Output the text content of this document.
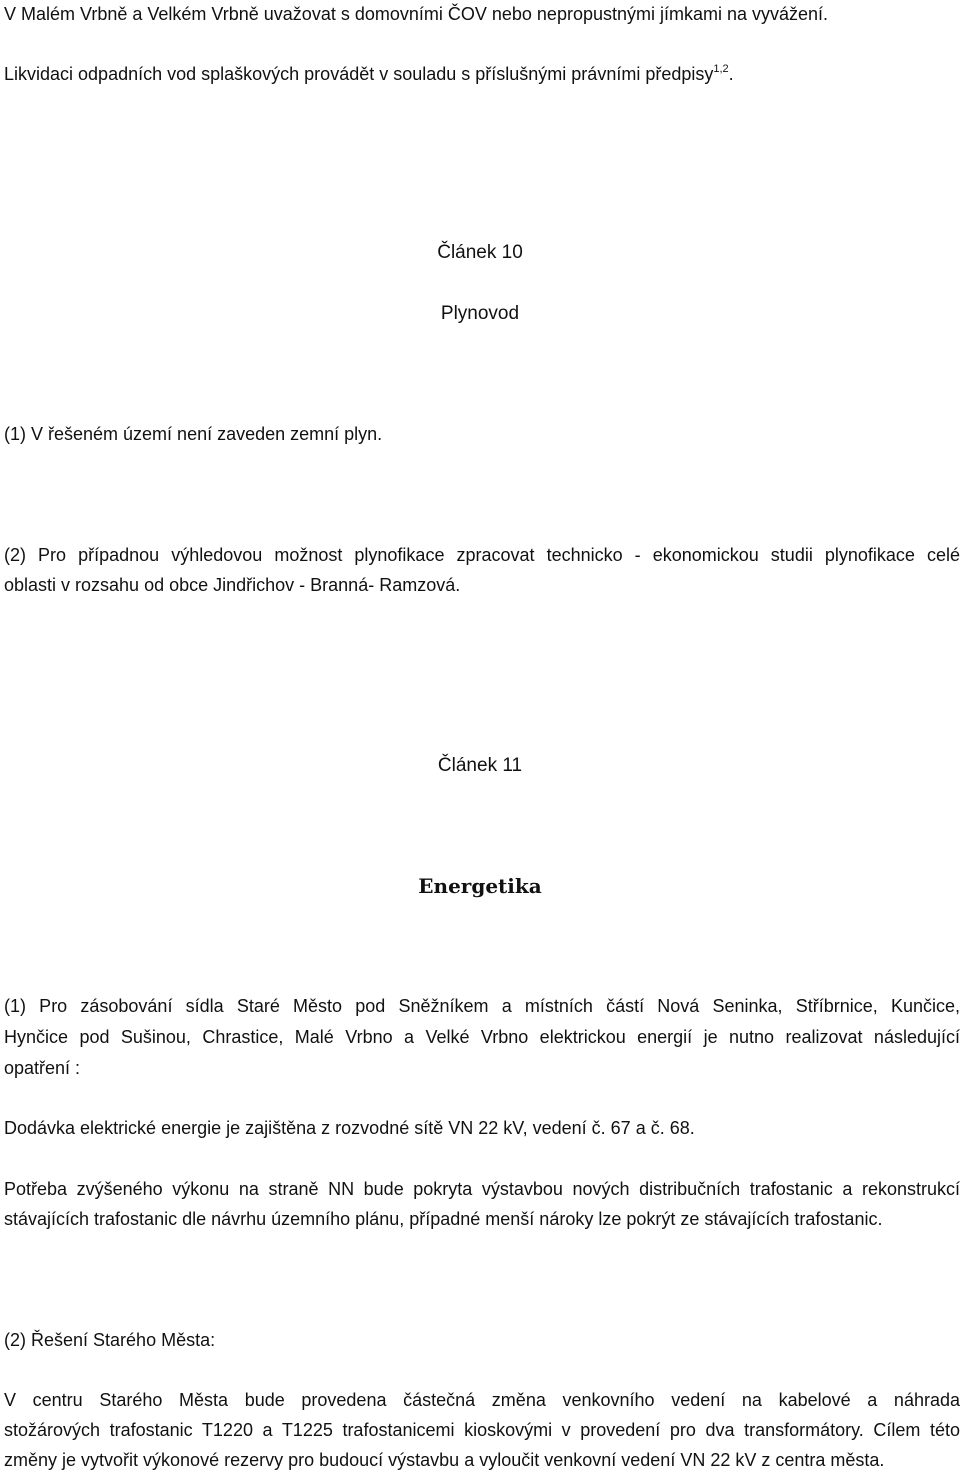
V Malém Vrbně a Velkém Vrbně uvažovat s domovními ČOV nebo nepropustnými jímkami na vyvážení.
Likvidaci odpadních vod splaškových provádět v souladu s příslušnými právními předpisy$^{1,2}$.
Článek 10
Plynovod
(1) V řešeném území není zaveden zemní plyn.
(2) Pro případnou výhledovou možnost plynofikace zpracovat technicko - ekonomickou studii plynofikace celé
oblasti v rozsahu od obce Jindřichov - Branná- Ramzová.
Článek 11
Energetika
(1) Pro zásobování sídla Staré Město pod Sněžníkem a místních částí Nová Seninka, Stříbrnice, Kunčice,
Hynčice pod Sušinou, Chrastice, Malé Vrbno a Velké Vrbno elektrickou energií je nutno realizovat následující
opatření :
Dodávka elektrické energie je zajištěna z rozvodné sítě VN 22 kV, vedení č. 67 a č. 68.
Potřeba zvýšeného výkonu na straně NN bude pokryta výstavbou nových distribučních trafostanic a rekonstrukcí
stávajících trafostanic dle návrhu územního plánu, případné menší nároky lze pokrýt ze stávajících trafostanic.
(2) Řešení Starého Města:
V centru Starého Města bude provedena částečná změna venkovního vedení na kabelové a náhrada
stožárových trafostanic T1220 a T1225 trafostanicemi kioskovými v provedení pro dva transformátory. Cílem této
změny je vytvořit výkonové rezervy pro budoucí výstavbu a vyloučit venkovní vedení VN 22 kV z centra města.
